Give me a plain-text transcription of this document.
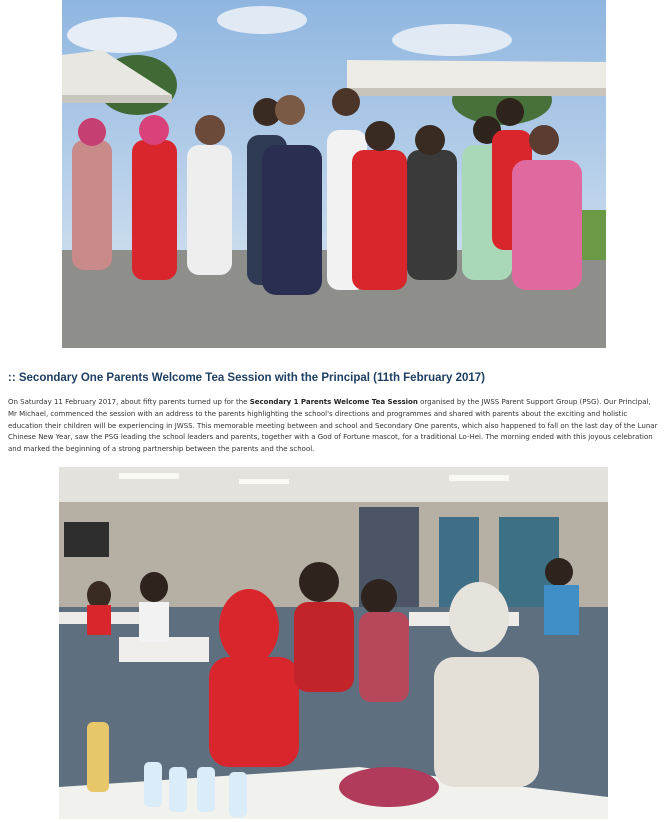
:: Secondary One Parents Welcome Tea Session with the Principal (11th February 2017)

On Saturday 11 February 2017, about fifty parents turned up for the Secondary 1 Parents Welcome Tea Session organised by the JWSS Parent Support Group (PSG). Our Principal, Mr Michael, commenced the session with an address to the parents highlighting the school's directions and programmes and shared with parents about the exciting and holistic education their children will be experiencing in JWSS. This memorable meeting between and school and Secondary One parents, which also happened to fall on the last day of the Lunar Chinese New Year, saw the PSG leading the school leaders and parents, together with a God of Fortune mascot, for a traditional Lo-Hei. The morning ended with this joyous celebration and marked the beginning of a strong partnership between the parents and the school.
